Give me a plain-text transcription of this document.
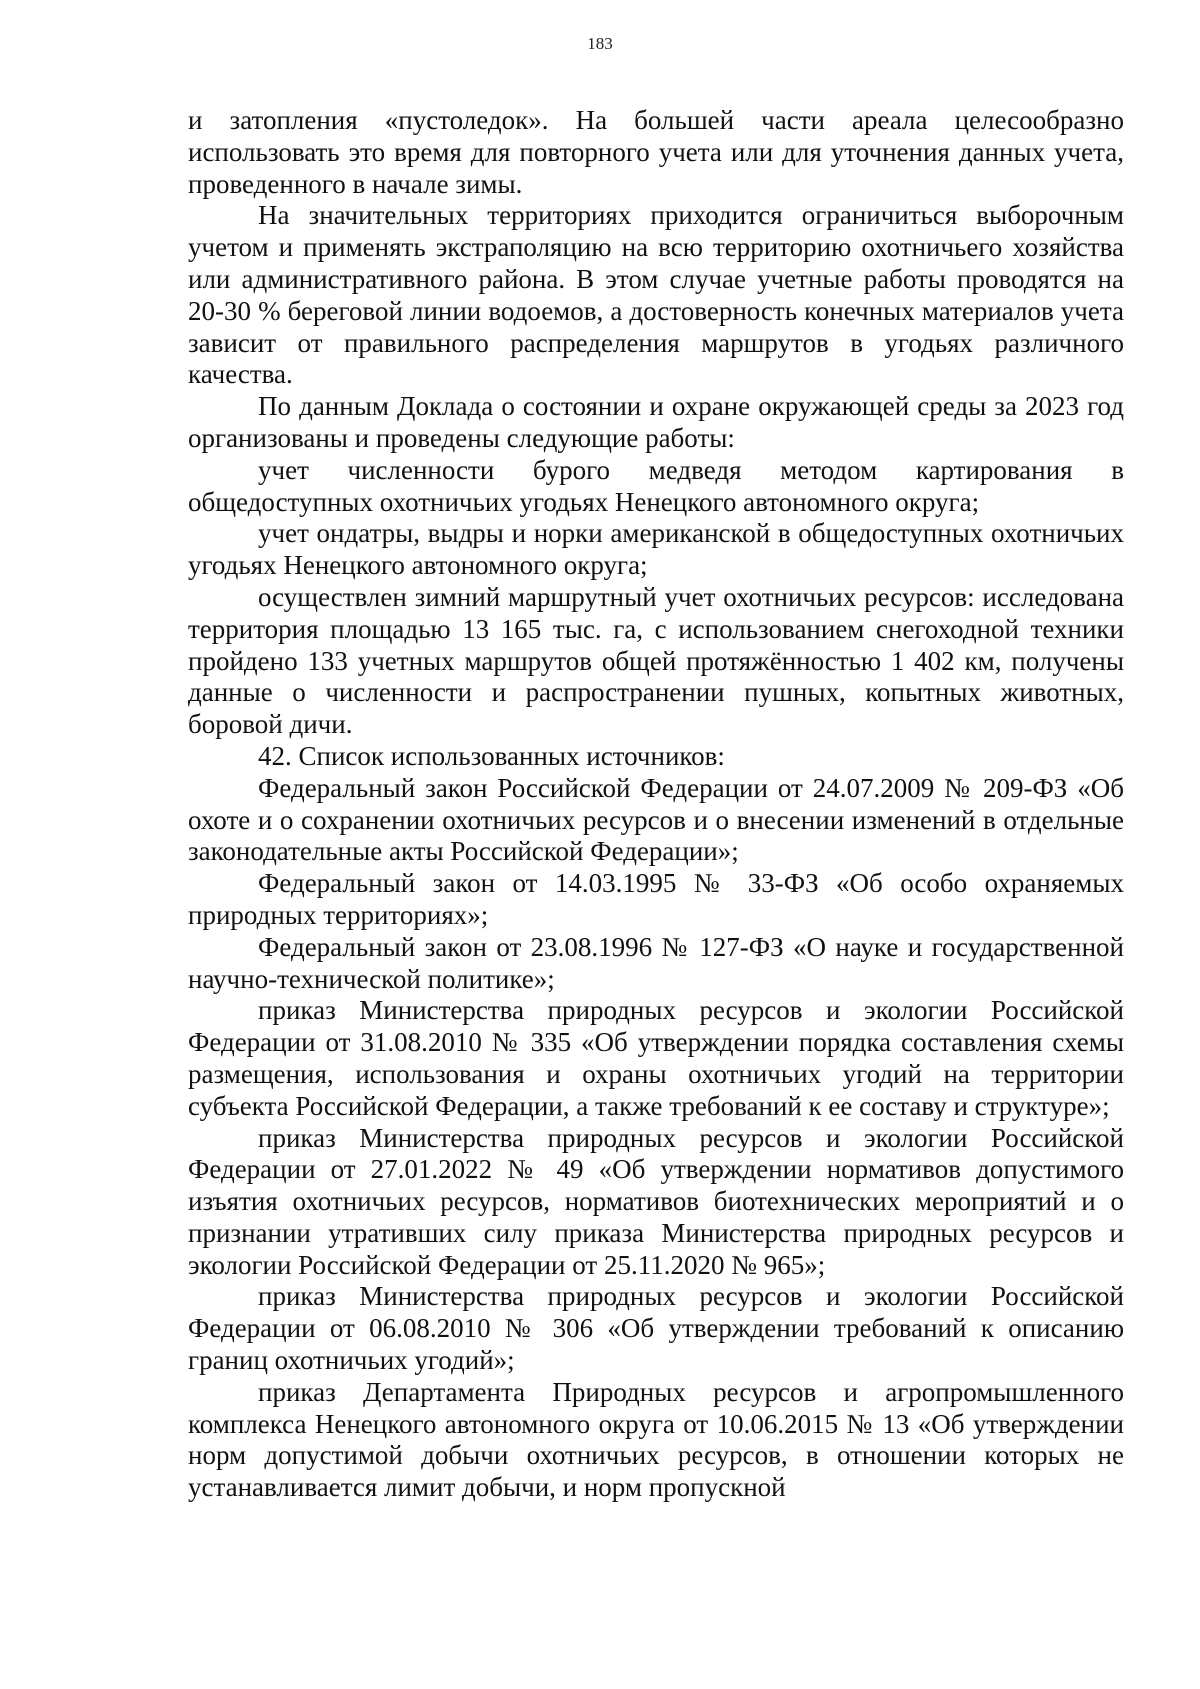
183

и затопления «пустоледок». На большей части ареала целесообразно использовать это время для повторного учета или для уточнения данных учета, проведенного в начале зимы.

На значительных территориях приходится ограничиться выборочным учетом и применять экстраполяцию на всю территорию охотничьего хозяйства или административного района. В этом случае учетные работы проводятся на 20-30 % береговой линии водоемов, а достоверность конечных материалов учета зависит от правильного распределения маршрутов в угодьях различного качества.

По данным Доклада о состоянии и охране окружающей среды за 2023 год организованы и проведены следующие работы:

учет численности бурого медведя методом картирования в общедоступных охотничьих угодьях Ненецкого автономного округа;

учет ондатры, выдры и норки американской в общедоступных охотничьих угодьях Ненецкого автономного округа;

осуществлен зимний маршрутный учет охотничьих ресурсов: исследована территория площадью 13 165 тыс. га, с использованием снегоходной техники пройдено 133 учетных маршрутов общей протяжённостью 1 402 км, получены данные о численности и распространении пушных, копытных животных, боровой дичи.

42. Список использованных источников:

Федеральный закон Российской Федерации от 24.07.2009 № 209-ФЗ «Об охоте и о сохранении охотничьих ресурсов и о внесении изменений в отдельные законодательные акты Российской Федерации»;

Федеральный закон от 14.03.1995 № 33-ФЗ «Об особо охраняемых природных территориях»;

Федеральный закон от 23.08.1996 № 127-ФЗ «О науке и государственной научно-технической политике»;

приказ Министерства природных ресурсов и экологии Российской Федерации от 31.08.2010 № 335 «Об утверждении порядка составления схемы размещения, использования и охраны охотничьих угодий на территории субъекта Российской Федерации, а также требований к ее составу и структуре»;

приказ Министерства природных ресурсов и экологии Российской Федерации от 27.01.2022 № 49 «Об утверждении нормативов допустимого изъятия охотничьих ресурсов, нормативов биотехнических мероприятий и о признании утративших силу приказа Министерства природных ресурсов и экологии Российской Федерации от 25.11.2020 № 965»;

приказ Министерства природных ресурсов и экологии Российской Федерации от 06.08.2010 № 306 «Об утверждении требований к описанию границ охотничьих угодий»;

приказ Департамента Природных ресурсов и агропромышленного комплекса Ненецкого автономного округа от 10.06.2015 № 13 «Об утверждении норм допустимой добычи охотничьих ресурсов, в отношении которых не устанавливается лимит добычи, и норм пропускной
